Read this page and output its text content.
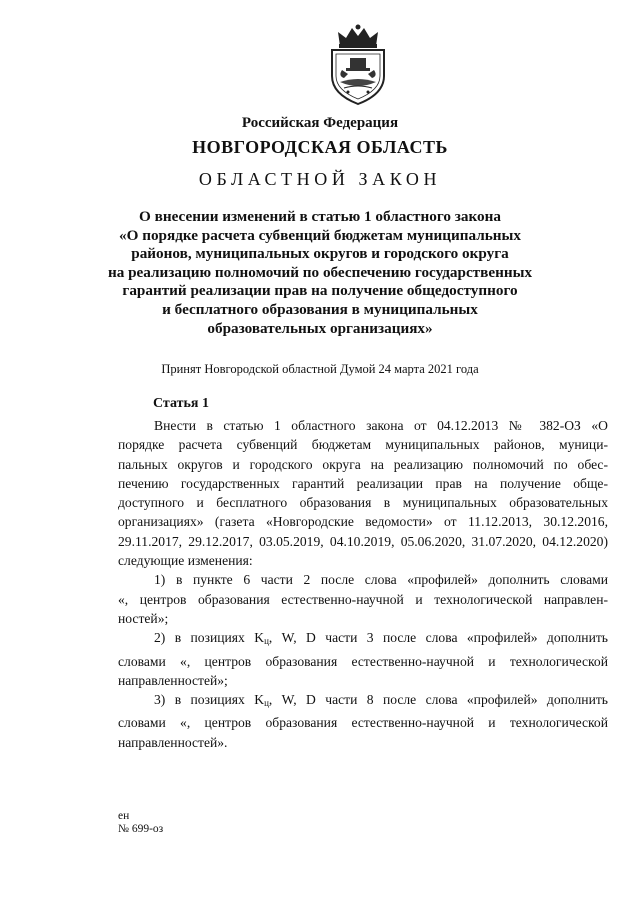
Российская Федерация
НОВГОРОДСКАЯ ОБЛАСТЬ
ОБЛАСТНОЙ ЗАКОН
О внесении изменений в статью 1 областного закона
«О порядке расчета субвенций бюджетам муниципальных
районов, муниципальных округов и городского округа
на реализацию полномочий по обеспечению государственных
гарантий реализации прав на получение общедоступного
и бесплатного образования в муниципальных
образовательных организациях»
Принят Новгородской областной Думой 24 марта 2021 года
Статья 1
Внести в статью 1 областного закона от 04.12.2013 № 382-ОЗ «О
порядке расчета субвенций бюджетам муниципальных районов, муници-
пальных округов и городского округа на реализацию полномочий по обес-
печению государственных гарантий реализации прав на получение обще-
доступного и бесплатного образования в муниципальных образовательных
организациях» (газета «Новгородские ведомости» от 11.12.2013, 30.12.2016,
29.11.2017, 29.12.2017, 03.05.2019, 04.10.2019, 05.06.2020, 31.07.2020, 04.12.2020)
следующие изменения:
1) в пункте 6 части 2 после слова «профилей» дополнить словами
«, центров образования естественно-научной и технологической направлен-
ностей»;
2) в позициях $K_ц$, W, D части 3 после слова «профилей» дополнить
словами «, центров образования естественно-научной и технологической
направленностей»;
3) в позициях $K_ц$, W, D части 8 после слова «профилей» дополнить
словами «, центров образования естественно-научной и технологической
направленностей».
ен
№ 699-оз
